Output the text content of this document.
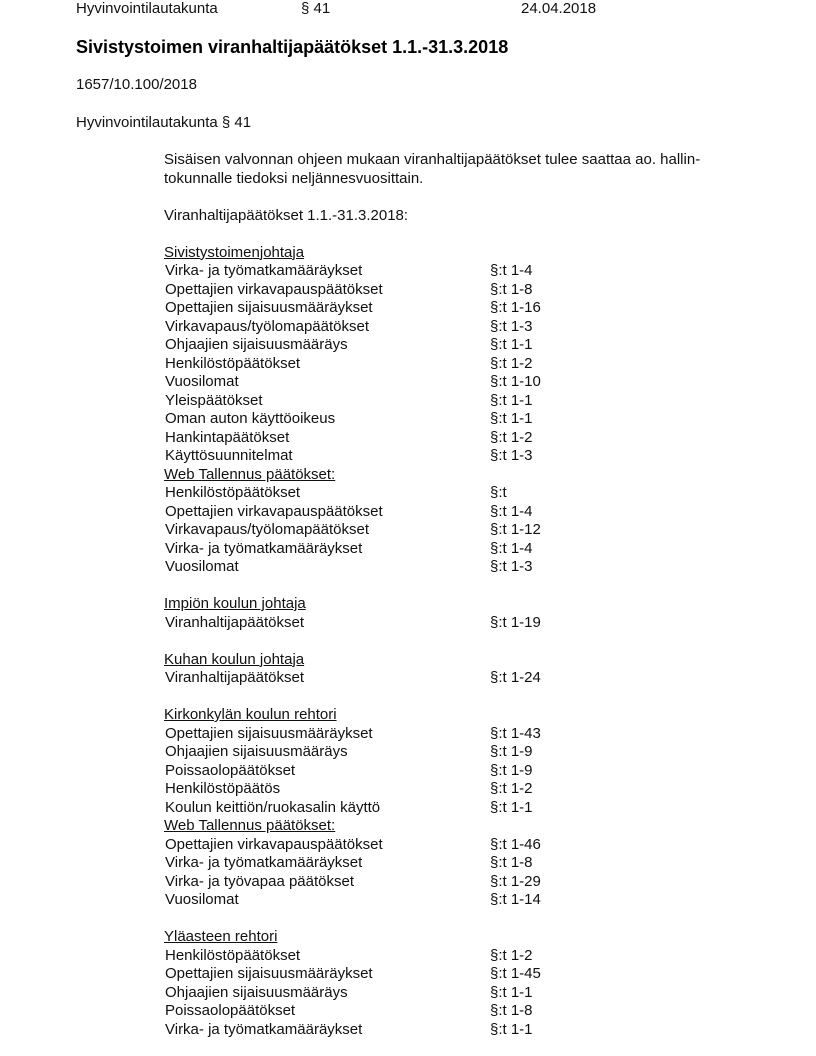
Hyvinvointilautakunta	§ 41	24.04.2018
Sivistystoimen viranhaltijapäätökset 1.1.-31.3.2018
1657/10.100/2018
Hyvinvointilautakunta § 41
Sisäisen valvonnan ohjeen mukaan viranhaltijapäätökset tulee saattaa ao. hallin-
tokunnalle tiedoksi neljännesvuosittain.

Viranhaltijapäätökset 1.1.-31.3.2018:

Sivistystoimenjohtaja
Virka- ja työmatkamääräykset	§:t 1-4
Opettajien virkavapauspäätökset	§:t 1-8
Opettajien sijaisuusmääräykset	§:t 1-16
Virkavapaus/työlomapäätökset	§:t 1-3
Ohjaajien sijaisuusmääräys	§:t 1-1
Henkilöstöpäätökset	§:t 1-2
Vuosilomat	§:t 1-10
Yleispäätökset	§:t 1-1
Oman auton käyttöoikeus	§:t 1-1
Hankintapäätökset	§:t 1-2
Käyttösuunnitelmat	§:t 1-3
Web Tallennus päätökset:
Henkilöstöpäätökset	§:t
Opettajien virkavapauspäätökset	§:t 1-4
Virkavapaus/työlomapäätökset	§:t 1-12
Virka- ja työmatkamääräykset	§:t 1-4
Vuosilomat	§:t 1-3

Impiön koulun johtaja
Viranhaltijapäätökset	§:t 1-19

Kuhan koulun johtaja
Viranhaltijapäätökset	§:t 1-24

Kirkonkylän koulun rehtori
Opettajien sijaisuusmääräykset	§:t 1-43
Ohjaajien sijaisuusmääräys	§:t 1-9
Poissaolopäätökset	§:t 1-9
Henkilöstöpäätös	§:t 1-2
Koulun keittiön/ruokasalin käyttö	§:t 1-1
Web Tallennus päätökset:
Opettajien virkavapauspäätökset	§:t 1-46
Virka- ja työmatkamääräykset	§:t 1-8
Virka- ja työvapaa päätökset	§:t 1-29
Vuosilomat	§:t 1-14

Yläasteen rehtori
Henkilöstöpäätökset	§:t 1-2
Opettajien sijaisuusmääräykset	§:t 1-45
Ohjaajien sijaisuusmääräys	§:t 1-1
Poissaolopäätökset	§:t 1-8
Virka- ja työmatkamääräykset	§:t 1-1
